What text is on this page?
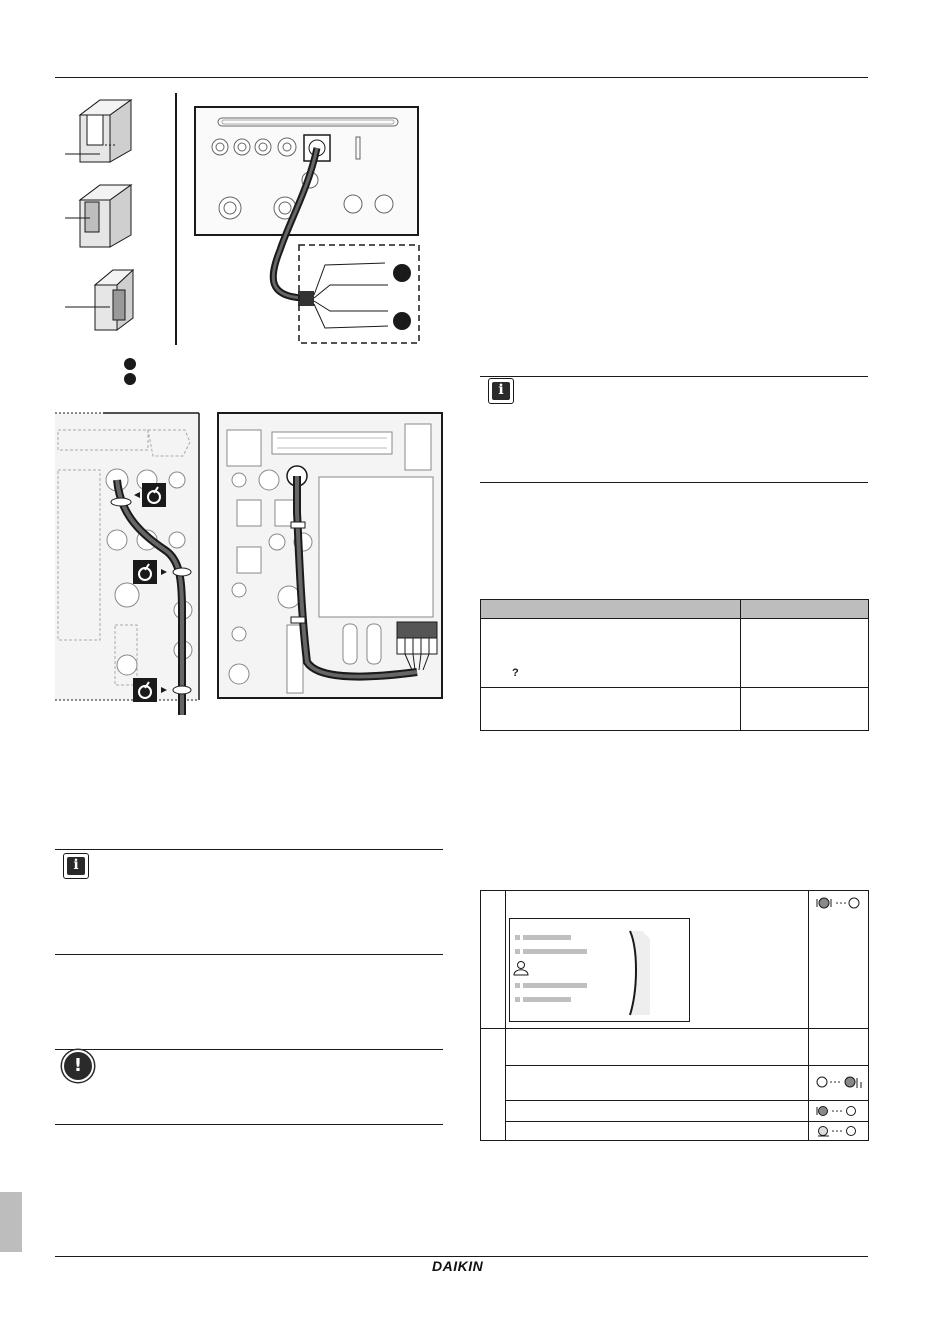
i
!
i

?	

DAIKIN
